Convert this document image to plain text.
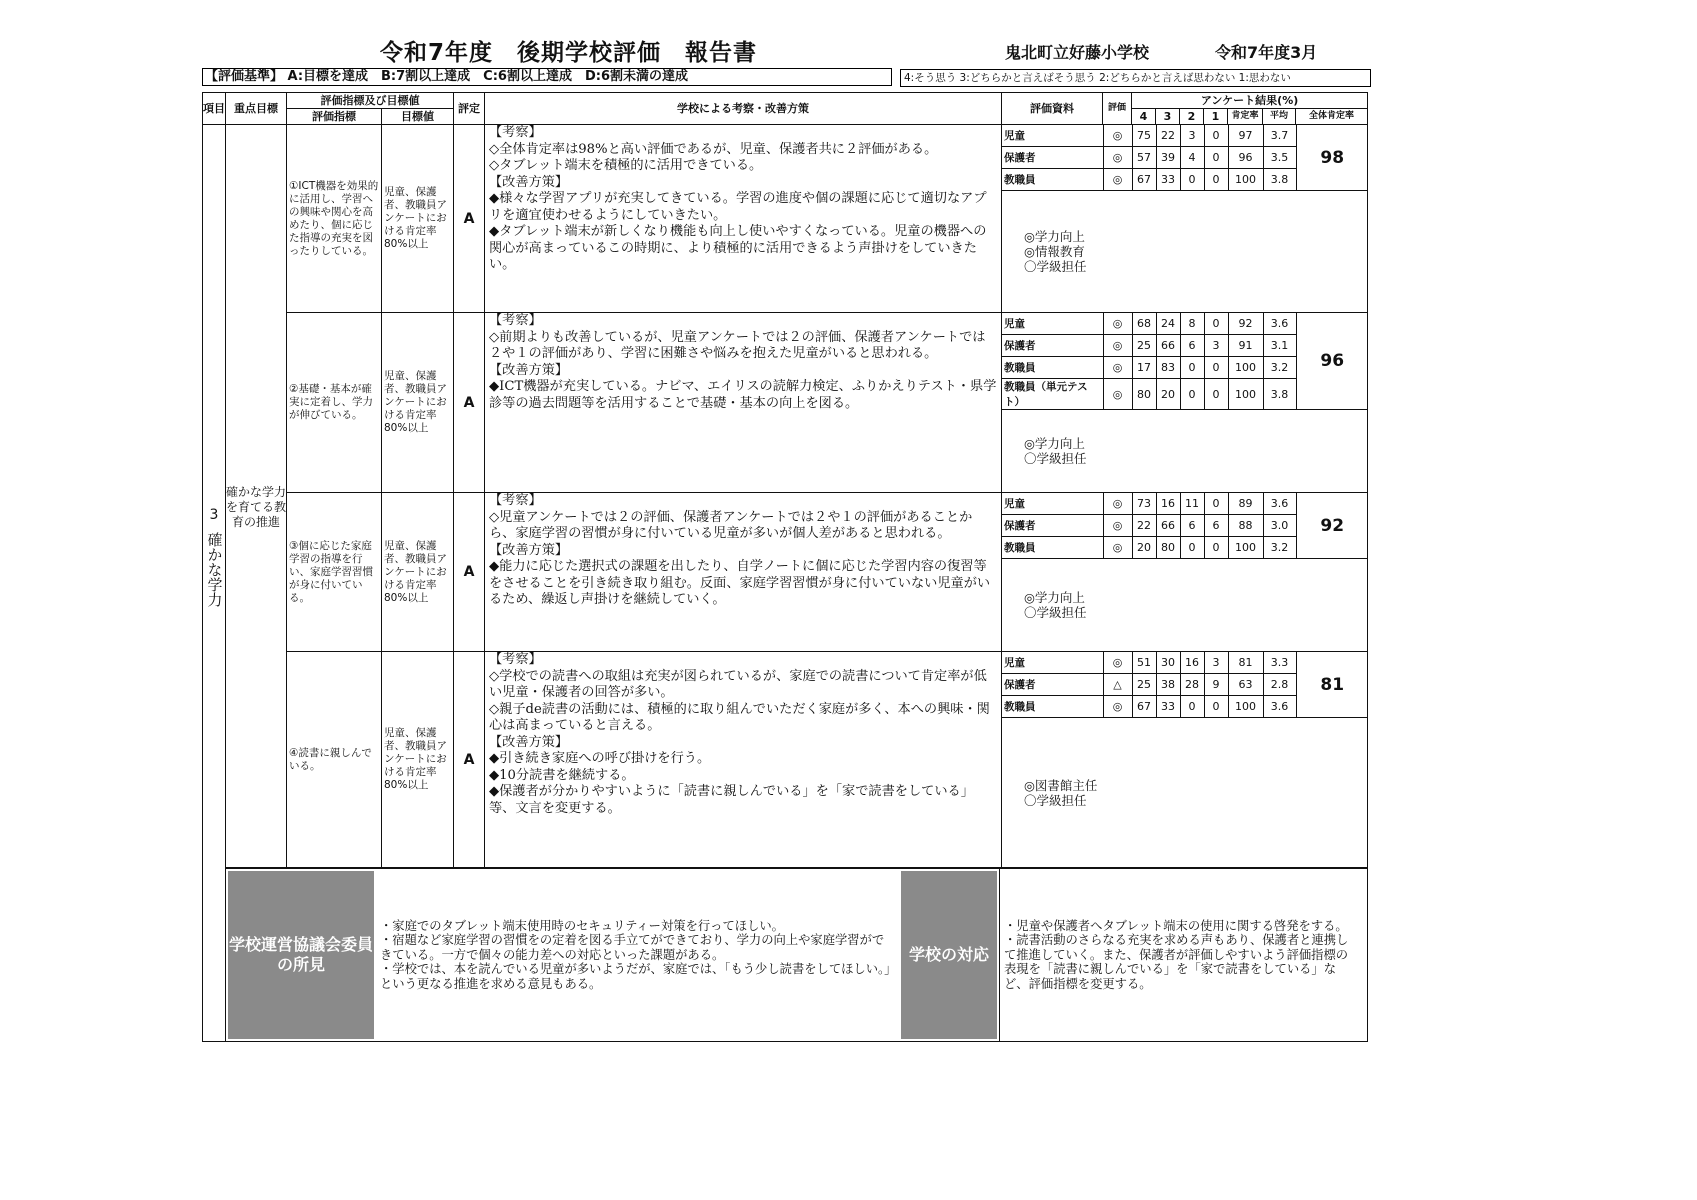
令和7年度　後期学校評価　報告書	鬼北町立好藤小学校	令和7年度3月
【評価基準】 A:目標を達成　B:7割以上達成　C:6割以上達成　D:6割未満の達成	4:そう思う 3:どちらかと言えばそう思う 2:どちらかと言えば思わない 1:思わない
項目	重点目標	評価指標及び目標値	評定	学校による考察・改善方策	評価資料	評価	アンケート結果(%)
評価指標	目標値	4	3	2	1	肯定率	平均	全体肯定率

3
確かな学力
	確かな学力を育てる教育の推進	①ICT機器を効果的に活用し、学習への興味や関心を高めたり、個に応じた指導の充実を図ったりしている。	児童、保護者、教職員アンケートにおける肯定率80%以上	A	
【考察】
◇全体肯定率は98%と高い評価であるが、児童、保護者共に２評価がある。
◇タブレット端末を積極的に活用できている。
【改善方策】
◆様々な学習アプリが充実してきている。学習の進度や個の課題に応じて適切なアプリを適宜使わせるようにしていきたい。
◆タブレット端末が新しくなり機能も向上し使いやすくなっている。児童の機器への関心が高まっているこの時期に、より積極的に活用できるよう声掛けをしていきたい。

児童	◎	75	22	3	0	97	3.7	98
保護者	◎	57	39	4	0	96	3.5
教職員	◎	67	33	0	0	100	3.8
◎学力向上
◎情報教育
〇学級担任

②基礎・基本が確実に定着し、学力が伸びている。	児童、保護者、教職員アンケートにおける肯定率80%以上	A	
【考察】
◇前期よりも改善しているが、児童アンケートでは２の評価、保護者アンケートでは２や１の評価があり、学習に困難さや悩みを抱えた児童がいると思われる。
【改善方策】
◆ICT機器が充実している。ナビマ、エイリスの読解力検定、ふりかえりテスト・県学診等の過去問題等を活用することで基礎・基本の向上を図る。

児童	◎	68	24	8	0	92	3.6	96
保護者	◎	25	66	6	3	91	3.1
教職員	◎	17	83	0	0	100	3.2
教職員（単元テスト）	◎	80	20	0	0	100	3.8
◎学力向上
〇学級担任

③個に応じた家庭学習の指導を行い、家庭学習習慣が身に付いている。	児童、保護者、教職員アンケートにおける肯定率80%以上	A	
【考察】
◇児童アンケートでは２の評価、保護者アンケートでは２や１の評価があることから、家庭学習の習慣が身に付いている児童が多いが個人差があると思われる。
【改善方策】
◆能力に応じた選択式の課題を出したり、自学ノートに個に応じた学習内容の復習等をさせることを引き続き取り組む。反面、家庭学習習慣が身に付いていない児童がいるため、繰返し声掛けを継続していく。

児童	◎	73	16	11	0	89	3.6	92
保護者	◎	22	66	6	6	88	3.0
教職員	◎	20	80	0	0	100	3.2
◎学力向上
〇学級担任

④読書に親しんでいる。	児童、保護者、教職員アンケートにおける肯定率80%以上	A	
【考察】
◇学校での読書への取組は充実が図られているが、家庭での読書について肯定率が低い児童・保護者の回答が多い。
◇親子de読書の活動には、積極的に取り組んでいただく家庭が多く、本への興味・関心は高まっていると言える。
【改善方策】
◆引き続き家庭への呼び掛けを行う。
◆10分読書を継続する。
◆保護者が分かりやすいように「読書に親しんでいる」を「家で読書をしている」等、文言を変更する。

児童	◎	51	30	16	3	81	3.3	81
保護者	△	25	38	28	9	63	2.8
教職員	◎	67	33	0	0	100	3.6
◎図書館主任
〇学級担任

学校運営協議会委員の所見
・家庭でのタブレット端末使用時のセキュリティー対策を行ってほしい。
・宿題など家庭学習の習慣をの定着を図る手立てができており、学力の向上や家庭学習ができている。一方で個々の能力差への対応といった課題がある。
・学校では、本を読んでいる児童が多いようだが、家庭では、「もう少し読書をしてほしい。」という更なる推進を求める意見もある。
学校の対応
・児童や保護者へタブレット端末の使用に関する啓発をする。
・読書活動のさらなる充実を求める声もあり、保護者と連携して推進していく。また、保護者が評価しやすいよう評価指標の表現を「読書に親しんでいる」を「家で読書をしている」など、評価指標を変更する。
